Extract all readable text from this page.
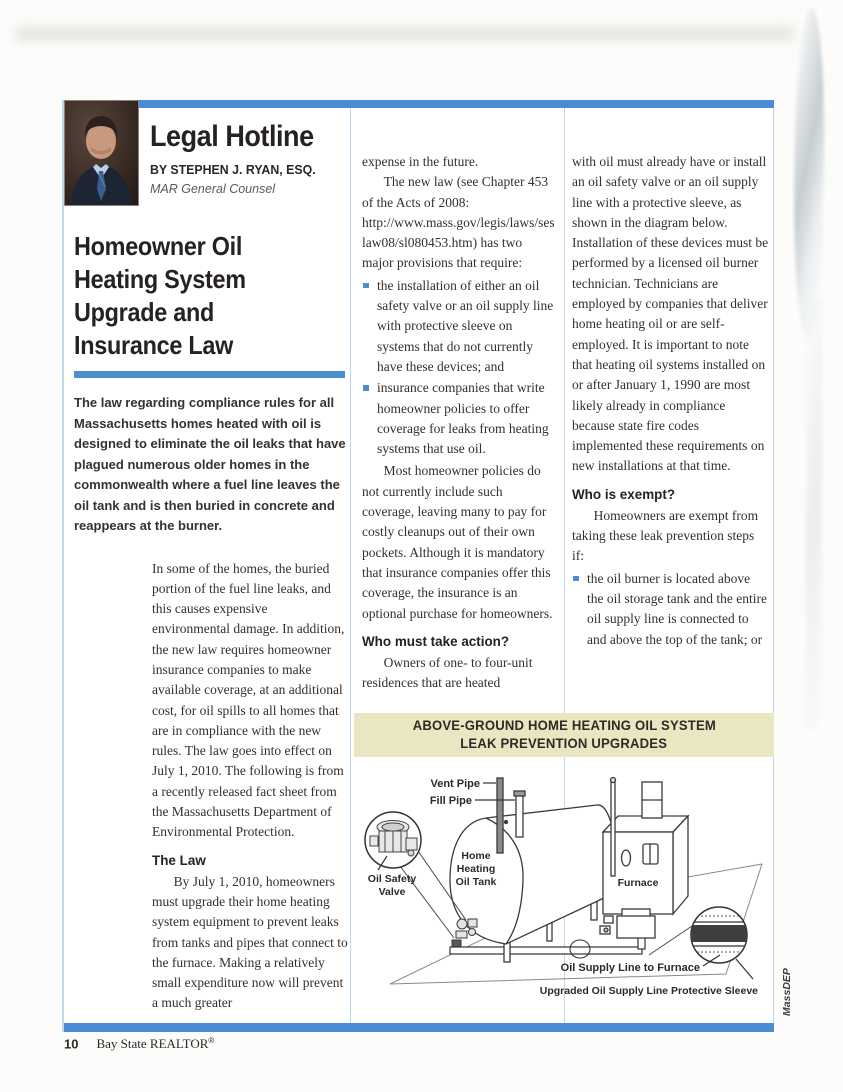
Legal Hotline
BY STEPHEN J. RYAN, ESQ.
MAR General Counsel
Homeowner Oil Heating System Upgrade and Insurance Law

The law regarding compliance rules for all Massachusetts homes heated with oil is designed to eliminate the oil leaks that have plagued numerous older homes in the commonwealth where a fuel line leaves the oil tank and is then buried in concrete and reappears at the burner.

In some of the homes, the buried portion of the fuel line leaks, and this causes expensive environmental damage. In addition, the new law requires homeowner insurance companies to make available coverage, at an additional cost, for oil spills to all homes that are in compliance with the new rules. The law goes into effect on July 1, 2010. The following is from a recently released fact sheet from the Massachusetts Department of Environmental Protection.

The Law

By July 1, 2010, homeowners must upgrade their home heating system equipment to prevent leaks from tanks and pipes that connect to the furnace. Making a relatively small expenditure now will prevent a much greater

expense in the future.

The new law (see Chapter 453 of the Acts of 2008: http://www.mass.gov/legis/laws/seslaw08/sl080453.htm) has two major provisions that require:

the installation of either an oil safety valve or an oil supply line with protective sleeve on systems that do not currently have these devices; and
insurance companies that write homeowner policies to offer coverage for leaks from heating systems that use oil.

Most homeowner policies do not currently include such coverage, leaving many to pay for costly cleanups out of their own pockets. Although it is mandatory that insurance companies offer this coverage, the insurance is an optional purchase for homeowners.

Who must take action?

Owners of one- to four-unit residences that are heated

with oil must already have or install an oil safety valve or an oil supply line with a protective sleeve, as shown in the diagram below. Installation of these devices must be performed by a licensed oil burner technician. Technicians are employed by companies that deliver home heating oil or are self-employed. It is important to note that heating oil systems installed on or after January 1, 1990 are most likely already in compliance because state fire codes implemented these requirements on new installations at that time.

Who is exempt?

Homeowners are exempt from taking these leak prevention steps if:

the oil burner is located above the oil storage tank and the entire oil supply line is connected to and above the top of the tank; or
ABOVE-GROUND HOME HEATING OIL SYSTEM
LEAK PREVENTION UPGRADES
Vent Pipe
Fill Pipe
Home
Heating
Oil Tank
Oil Safety
Valve
Furnace
Oil Supply Line to Furnace
Upgraded Oil Supply Line Protective Sleeve MassDEP
10 Bay State REALTOR®
